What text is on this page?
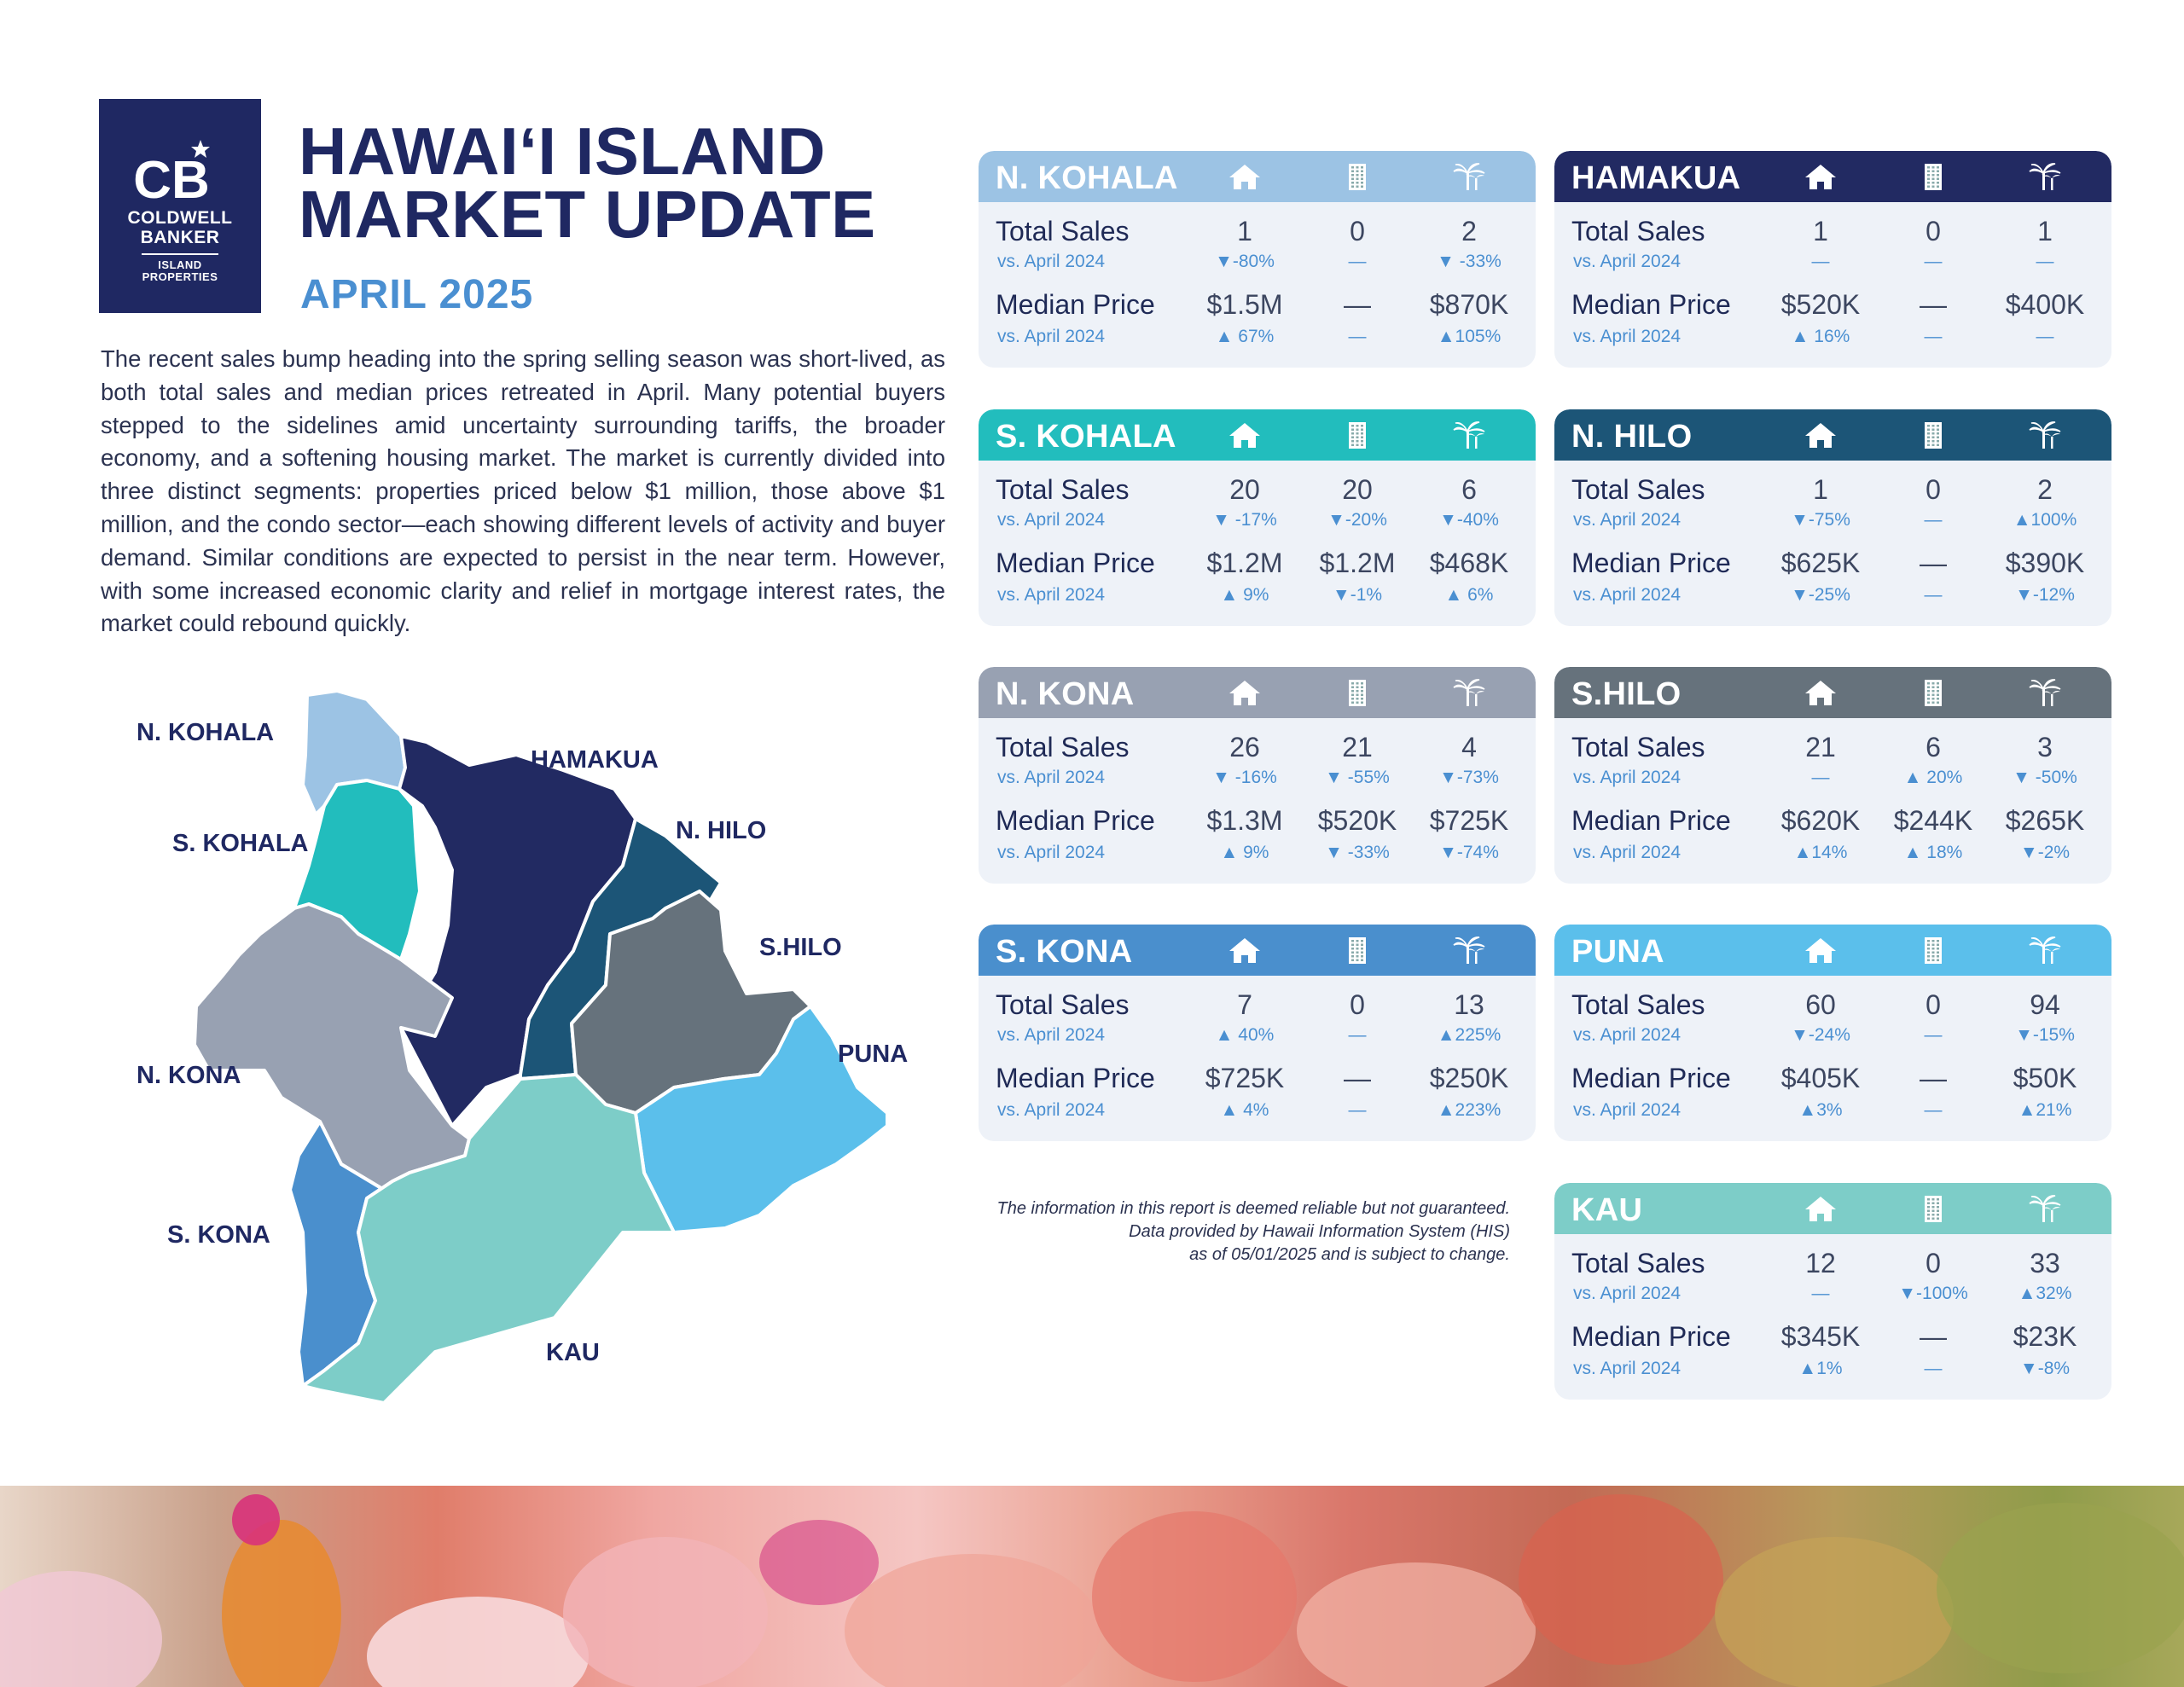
CB
COLDWELL
BANKER
ISLAND
PROPERTIES
HAWAIʻI ISLAND
MARKET UPDATE
APRIL 2025
The recent sales bump heading into the spring selling season was short-lived, as both total sales and median prices retreated in April. Many potential buyers stepped to the sidelines amid uncertainty surrounding tariffs, the broader economy, and a softening housing market. The market is currently divided into three distinct segments: properties priced below $1 million, those above $1 million, and the condo sector—each showing different levels of activity and buyer demand. Similar conditions are expected to persist in the near term. However, with some increased economic clarity and relief in mortgage interest rates, the market could rebound quickly.
N. KOHALA
HAMAKUA
S. KOHALA	N. HILO
S.HILO
N. KONA
PUNA
S. KONA
KAU
N. KOHALA
Total Sales
vs. April 2024
Median Price
vs. April 2024
1
▼-80%
$1.5M
▲ 67%
0
—
—
—
2
▼ -33%
$870K
▲105%
HAMAKUA
Total Sales
vs. April 2024
Median Price
vs. April 2024
1
—
$520K
▲ 16%
0
—
—
—
1
—
$400K
—
S. KOHALA
Total Sales
vs. April 2024
Median Price
vs. April 2024
20
▼ -17%
$1.2M
▲ 9%
20
▼-20%
$1.2M
▼-1%
6
▼-40%
$468K
▲ 6%
N. HILO
Total Sales
vs. April 2024
Median Price
vs. April 2024
1
▼-75%
$625K
▼-25%
0
—
—
—
2
▲100%
$390K
▼-12%
N. KONA
Total Sales
vs. April 2024
Median Price
vs. April 2024
26
▼ -16%
$1.3M
▲ 9%
21
▼ -55%
$520K
▼ -33%
4
▼-73%
$725K
▼-74%
S.HILO
Total Sales
vs. April 2024
Median Price
vs. April 2024
21
—
$620K
▲14%
6
▲ 20%
$244K
▲ 18%
3
▼ -50%
$265K
▼-2%
S. KONA
Total Sales
vs. April 2024
Median Price
vs. April 2024
7
▲ 40%
$725K
▲ 4%
0
—
—
—
13
▲225%
$250K
▲223%
PUNA
Total Sales
vs. April 2024
Median Price
vs. April 2024
60
▼-24%
$405K
▲3%
0
—
—
—
94
▼-15%
$50K
▲21%
KAU
Total Sales
vs. April 2024
Median Price
vs. April 2024
12
—
$345K
▲1%
0
▼-100%
—
—
33
▲32%
$23K
▼-8%
The information in this report is deemed reliable but not guaranteed.
Data provided by Hawaii Information System (HIS)
as of 05/01/2025 and is subject to change.
